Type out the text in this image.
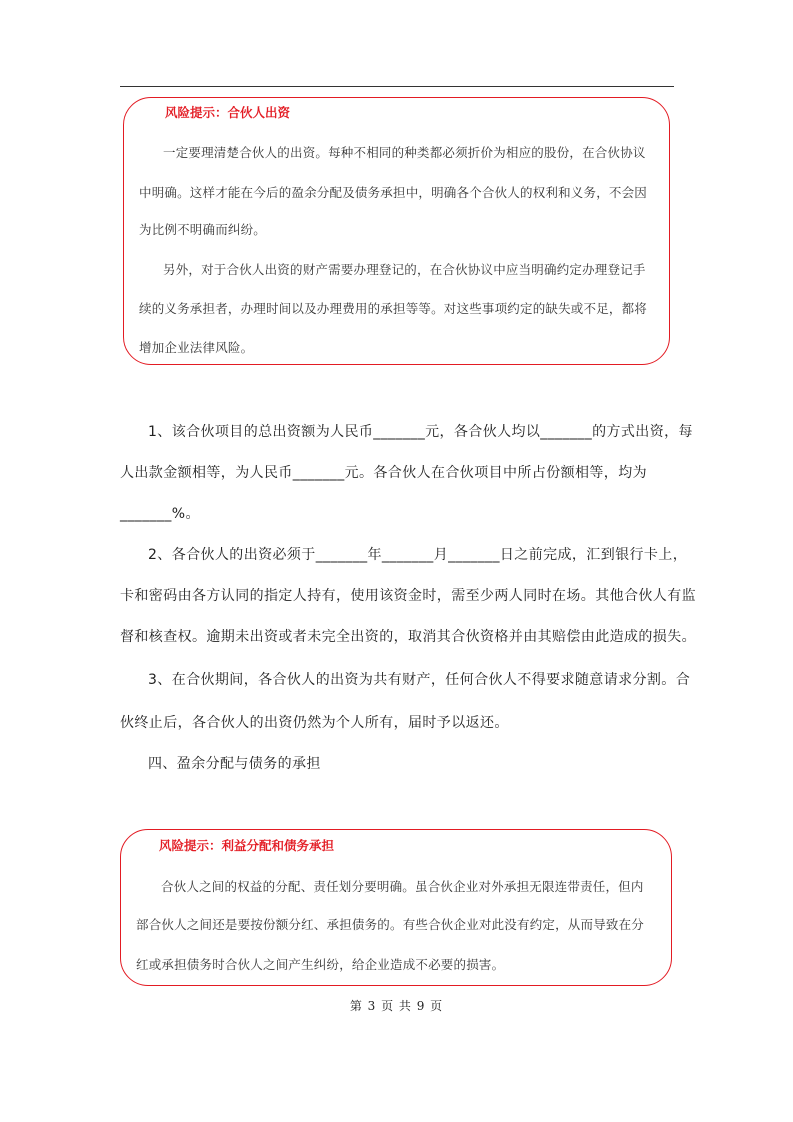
风险提示：合伙人出资
一定要理清楚合伙人的出资。每种不相同的种类都必须折价为相应的股份，在合伙协议
中明确。这样才能在今后的盈余分配及债务承担中，明确各个合伙人的权利和义务，不会因
为比例不明确而纠纷。
另外，对于合伙人出资的财产需要办理登记的，在合伙协议中应当明确约定办理登记手
续的义务承担者，办理时间以及办理费用的承担等等。对这些事项约定的缺失或不足，都将
增加企业法律风险。
1、该合伙项目的总出资额为人民币_______元，各合伙人均以_______的方式出资，每
人出款金额相等，为人民币_______元。各合伙人在合伙项目中所占份额相等，均为
_______%。
2、各合伙人的出资必须于_______年_______月_______日之前完成，汇到银行卡上，
卡和密码由各方认同的指定人持有，使用该资金时，需至少两人同时在场。其他合伙人有监
督和核查权。逾期未出资或者未完全出资的，取消其合伙资格并由其赔偿由此造成的损失。
3、在合伙期间，各合伙人的出资为共有财产，任何合伙人不得要求随意请求分割。合
伙终止后，各合伙人的出资仍然为个人所有，届时予以返还。
四、盈余分配与债务的承担
风险提示：利益分配和债务承担
合伙人之间的权益的分配、责任划分要明确。虽合伙企业对外承担无限连带责任，但内
部合伙人之间还是要按份额分红、承担债务的。有些合伙企业对此没有约定，从而导致在分
红或承担债务时合伙人之间产生纠纷，给企业造成不必要的损害。
第 3 页 共 9 页
